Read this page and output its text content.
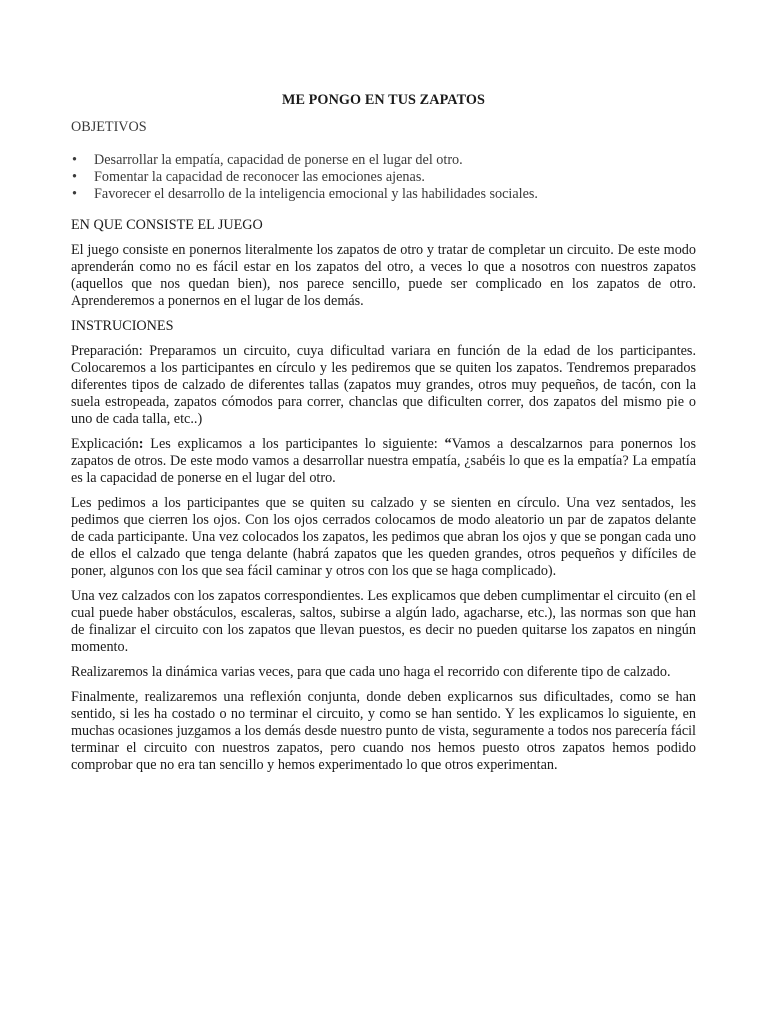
ME PONGO EN TUS ZAPATOS
OBJETIVOS
• Desarrollar la empatía, capacidad de ponerse en el lugar del otro.
• Fomentar la capacidad de reconocer las emociones ajenas.
• Favorecer el desarrollo de la inteligencia emocional y las habilidades sociales.
EN QUE CONSISTE EL JUEGO

El juego consiste en ponernos literalmente los zapatos de otro y tratar de completar un circuito. De este modo aprenderán como no es fácil estar en los zapatos del otro, a veces lo que a nosotros con nuestros zapatos (aquellos que nos quedan bien), nos parece sencillo, puede ser complicado en los zapatos de otro. Aprenderemos a ponernos en el lugar de los demás.

INSTRUCIONES

Preparación: Preparamos un circuito, cuya dificultad variara en función de la edad de los participantes. Colocaremos a los participantes en círculo y les pediremos que se quiten los zapatos. Tendremos preparados diferentes tipos de calzado de diferentes tallas (zapatos muy grandes, otros muy pequeños, de tacón, con la suela estropeada, zapatos cómodos para correr, chanclas que dificulten correr, dos zapatos del mismo pie o uno de cada talla, etc..)

Explicación: Les explicamos a los participantes lo siguiente: “Vamos a descalzarnos para ponernos los zapatos de otros. De este modo vamos a desarrollar nuestra empatía, ¿sabéis lo que es la empatía? La empatía es la capacidad de ponerse en el lugar del otro.

Les pedimos a los participantes que se quiten su calzado y se sienten en círculo. Una vez sentados, les pedimos que cierren los ojos. Con los ojos cerrados colocamos de modo aleatorio un par de zapatos delante de cada participante. Una vez colocados los zapatos, les pedimos que abran los ojos y que se pongan cada uno de ellos el calzado que tenga delante (habrá zapatos que les queden grandes, otros pequeños y difíciles de poner, algunos con los que sea fácil caminar y otros con los que se haga complicado).

Una vez calzados con los zapatos correspondientes. Les explicamos que deben cumplimentar el circuito (en el cual puede haber obstáculos, escaleras, saltos, subirse a algún lado, agacharse, etc.), las normas son que han de finalizar el circuito con los zapatos que llevan puestos, es decir no pueden quitarse los zapatos en ningún momento.

Realizaremos la dinámica varias veces, para que cada uno haga el recorrido con diferente tipo de calzado.

Finalmente, realizaremos una reflexión conjunta, donde deben explicarnos sus dificultades, como se han sentido, si les ha costado o no terminar el circuito, y como se han sentido. Y les explicamos lo siguiente, en muchas ocasiones juzgamos a los demás desde nuestro punto de vista, seguramente a todos nos parecería fácil terminar el circuito con nuestros zapatos, pero cuando nos hemos puesto otros zapatos hemos podido comprobar que no era tan sencillo y hemos experimentado lo que otros experimentan.
